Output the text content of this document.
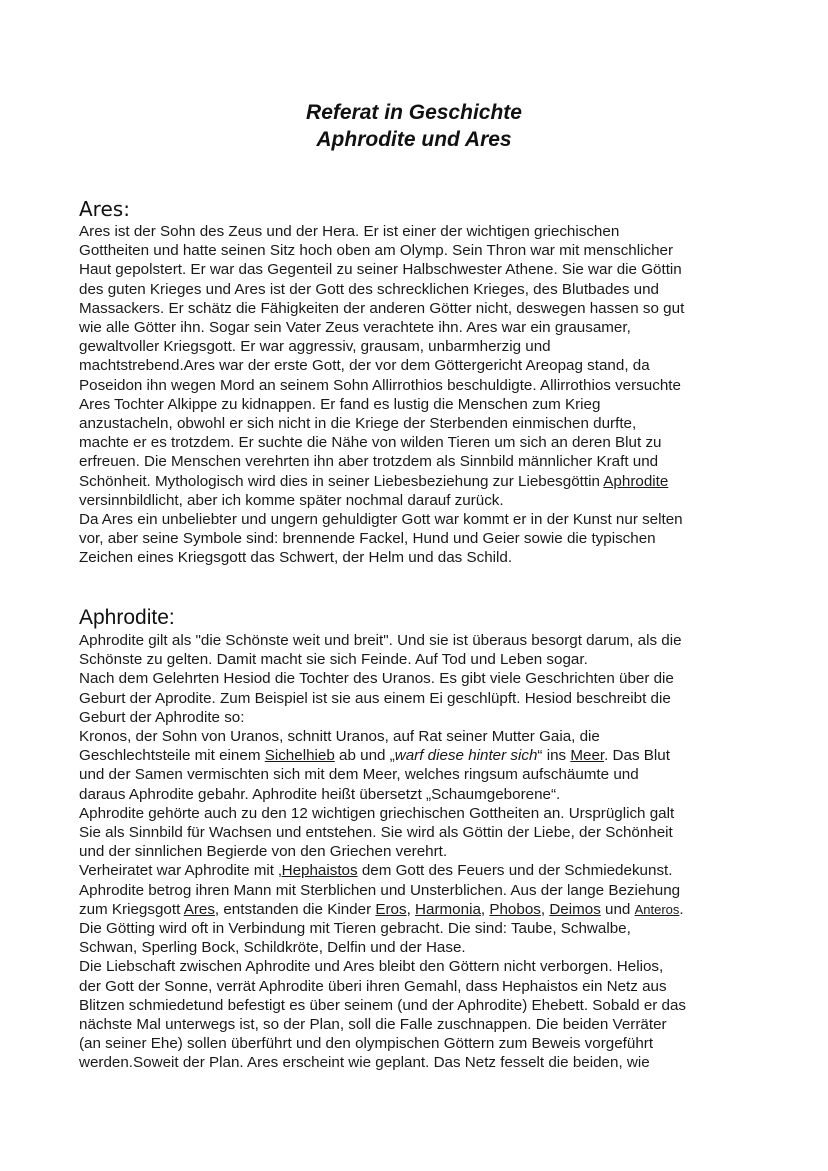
Referat in Geschichte
Aphrodite und Ares
Ares:
Ares ist der Sohn des Zeus und der Hera. Er ist einer der wichtigen griechischen
Gottheiten und hatte seinen Sitz hoch oben am Olymp. Sein Thron war mit menschlicher
Haut gepolstert. Er war das Gegenteil zu seiner Halbschwester Athene. Sie war die Göttin
des guten Krieges und Ares ist der Gott des schrecklichen Krieges, des Blutbades und
Massackers. Er schätz die Fähigkeiten der anderen Götter nicht, deswegen hassen so gut
wie alle Götter ihn. Sogar sein Vater Zeus verachtete ihn. Ares war ein grausamer,
gewaltvoller Kriegsgott. Er war aggressiv, grausam, unbarmherzig und
machtstrebend.Ares war der erste Gott, der vor dem Göttergericht Areopag stand, da
Poseidon ihn wegen Mord an seinem Sohn Allirrothios beschuldigte. Allirrothios versuchte
Ares Tochter Alkippe zu kidnappen. Er fand es lustig die Menschen zum Krieg
anzustacheln, obwohl er sich nicht in die Kriege der Sterbenden einmischen durfte,
machte er es trotzdem. Er suchte die Nähe von wilden Tieren um sich an deren Blut zu
erfreuen. Die Menschen verehrten ihn aber trotzdem als Sinnbild männlicher Kraft und
Schönheit. Mythologisch wird dies in seiner Liebesbeziehung zur Liebesgöttin Aphrodite
versinnbildlicht, aber ich komme später nochmal darauf zurück.
Da Ares ein unbeliebter und ungern gehuldigter Gott war kommt er in der Kunst nur selten
vor, aber seine Symbole sind: brennende Fackel, Hund und Geier sowie die typischen
Zeichen eines Kriegsgott das Schwert, der Helm und das Schild.
Aphrodite:
Aphrodite gilt als "die Schönste weit und breit". Und sie ist überaus besorgt darum, als die
Schönste zu gelten. Damit macht sie sich Feinde. Auf Tod und Leben sogar.
Nach dem Gelehrten Hesiod die Tochter des Uranos. Es gibt viele Geschrichten über die
Geburt der Aprodite. Zum Beispiel ist sie aus einem Ei geschlüpft. Hesiod beschreibt die
Geburt der Aphrodite so:
Kronos, der Sohn von Uranos, schnitt Uranos, auf Rat seiner Mutter Gaia, die
Geschlechtsteile mit einem Sichelhieb ab und „warf diese hinter sich“ ins Meer. Das Blut
und der Samen vermischten sich mit dem Meer, welches ringsum aufschäumte und
daraus Aphrodite gebahr. Aphrodite heißt übersetzt „Schaumgeborene“.
Aphrodite gehörte auch zu den 12 wichtigen griechischen Gottheiten an. Ursprüglich galt
Sie als Sinnbild für Wachsen und entstehen. Sie wird als Göttin der Liebe, der Schönheit
und der sinnlichen Begierde von den Griechen verehrt.
Verheiratet war Aphrodite mit ‚Hephaistos dem Gott des Feuers und der Schmiedekunst.
Aphrodite betrog ihren Mann mit Sterblichen und Unsterblichen. Aus der lange Beziehung
zum Kriegsgott Ares, entstanden die Kinder Eros, Harmonia, Phobos, Deimos und Anteros.
Die Götting wird oft in Verbindung mit Tieren gebracht. Die sind: Taube, Schwalbe,
Schwan, Sperling Bock, Schildkröte, Delfin und der Hase.
Die Liebschaft zwischen Aphrodite und Ares bleibt den Göttern nicht verborgen. Helios,
der Gott der Sonne, verrät Aphrodite überi ihren Gemahl, dass Hephaistos ein Netz aus
Blitzen schmiedetund befestigt es über seinem (und der Aphrodite) Ehebett. Sobald er das
nächste Mal unterwegs ist, so der Plan, soll die Falle zuschnappen. Die beiden Verräter
(an seiner Ehe) sollen überführt und den olympischen Göttern zum Beweis vorgeführt
werden.Soweit der Plan. Ares erscheint wie geplant. Das Netz fesselt die beiden, wie
